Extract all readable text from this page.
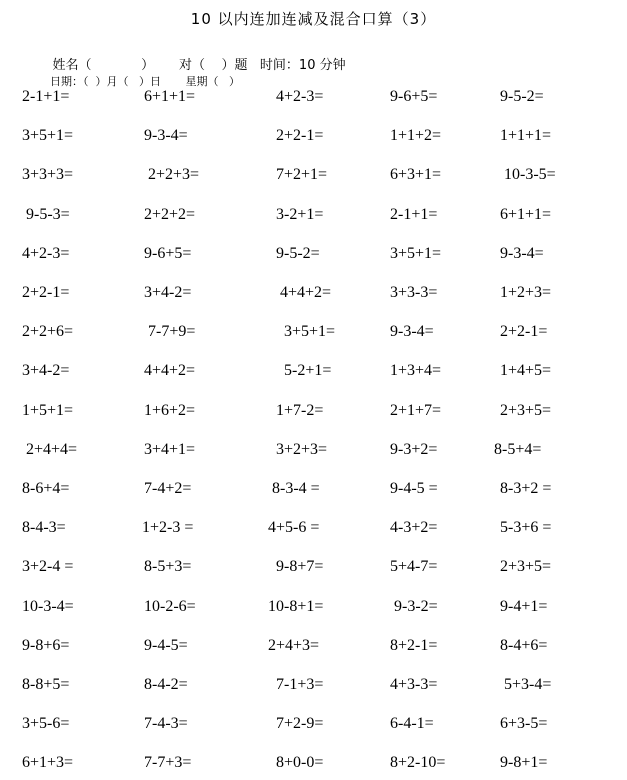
10 以内连加连减及混合口算（3）

姓名（	） 对（ ）题 时间：10 分钟

日期：（ ）月（ ）日 星期（ ）

2-1+1=	6+1+1=	4+2-3=	9-6+5=	9-5-2=
3+5+1=	9-3-4=	2+2-1=	1+1+2=	1+1+1=
3+3+3=	2+2+3=	7+2+1=	6+3+1=	10-3-5=
9-5-3=	2+2+2=	3-2+1=	2-1+1=	6+1+1=
4+2-3=	9-6+5=	9-5-2=	3+5+1=	9-3-4=
2+2-1=	3+4-2=	4+4+2=	3+3-3=	1+2+3=
2+2+6=	7-7+9=	3+5+1=	9-3-4=	2+2-1=
3+4-2=	4+4+2=	5-2+1=	1+3+4=	1+4+5=
1+5+1=	1+6+2=	1+7-2=	2+1+7=	2+3+5=
2+4+4=	3+4+1=	3+2+3=	9-3+2=	8-5+4=
8-6+4=	7-4+2=	8-3-4 =	9-4-5 =	8-3+2 =
8-4-3=	1+2-3 =	4+5-6 =	4-3+2=	5-3+6 =
3+2-4 =	8-5+3=	9-8+7=	5+4-7=	2+3+5=
10-3-4=	10-2-6=	10-8+1=	9-3-2=	9-4+1=
9-8+6=	9-4-5=	2+4+3=	8+2-1=	8-4+6=
8-8+5=	8-4-2=	7-1+3=	4+3-3=	5+3-4=
3+5-6=	7-4-3=	7+2-9=	6-4-1=	6+3-5=
6+1+3=	7-7+3=	8+0-0=	8+2-10=	9-8+1=
